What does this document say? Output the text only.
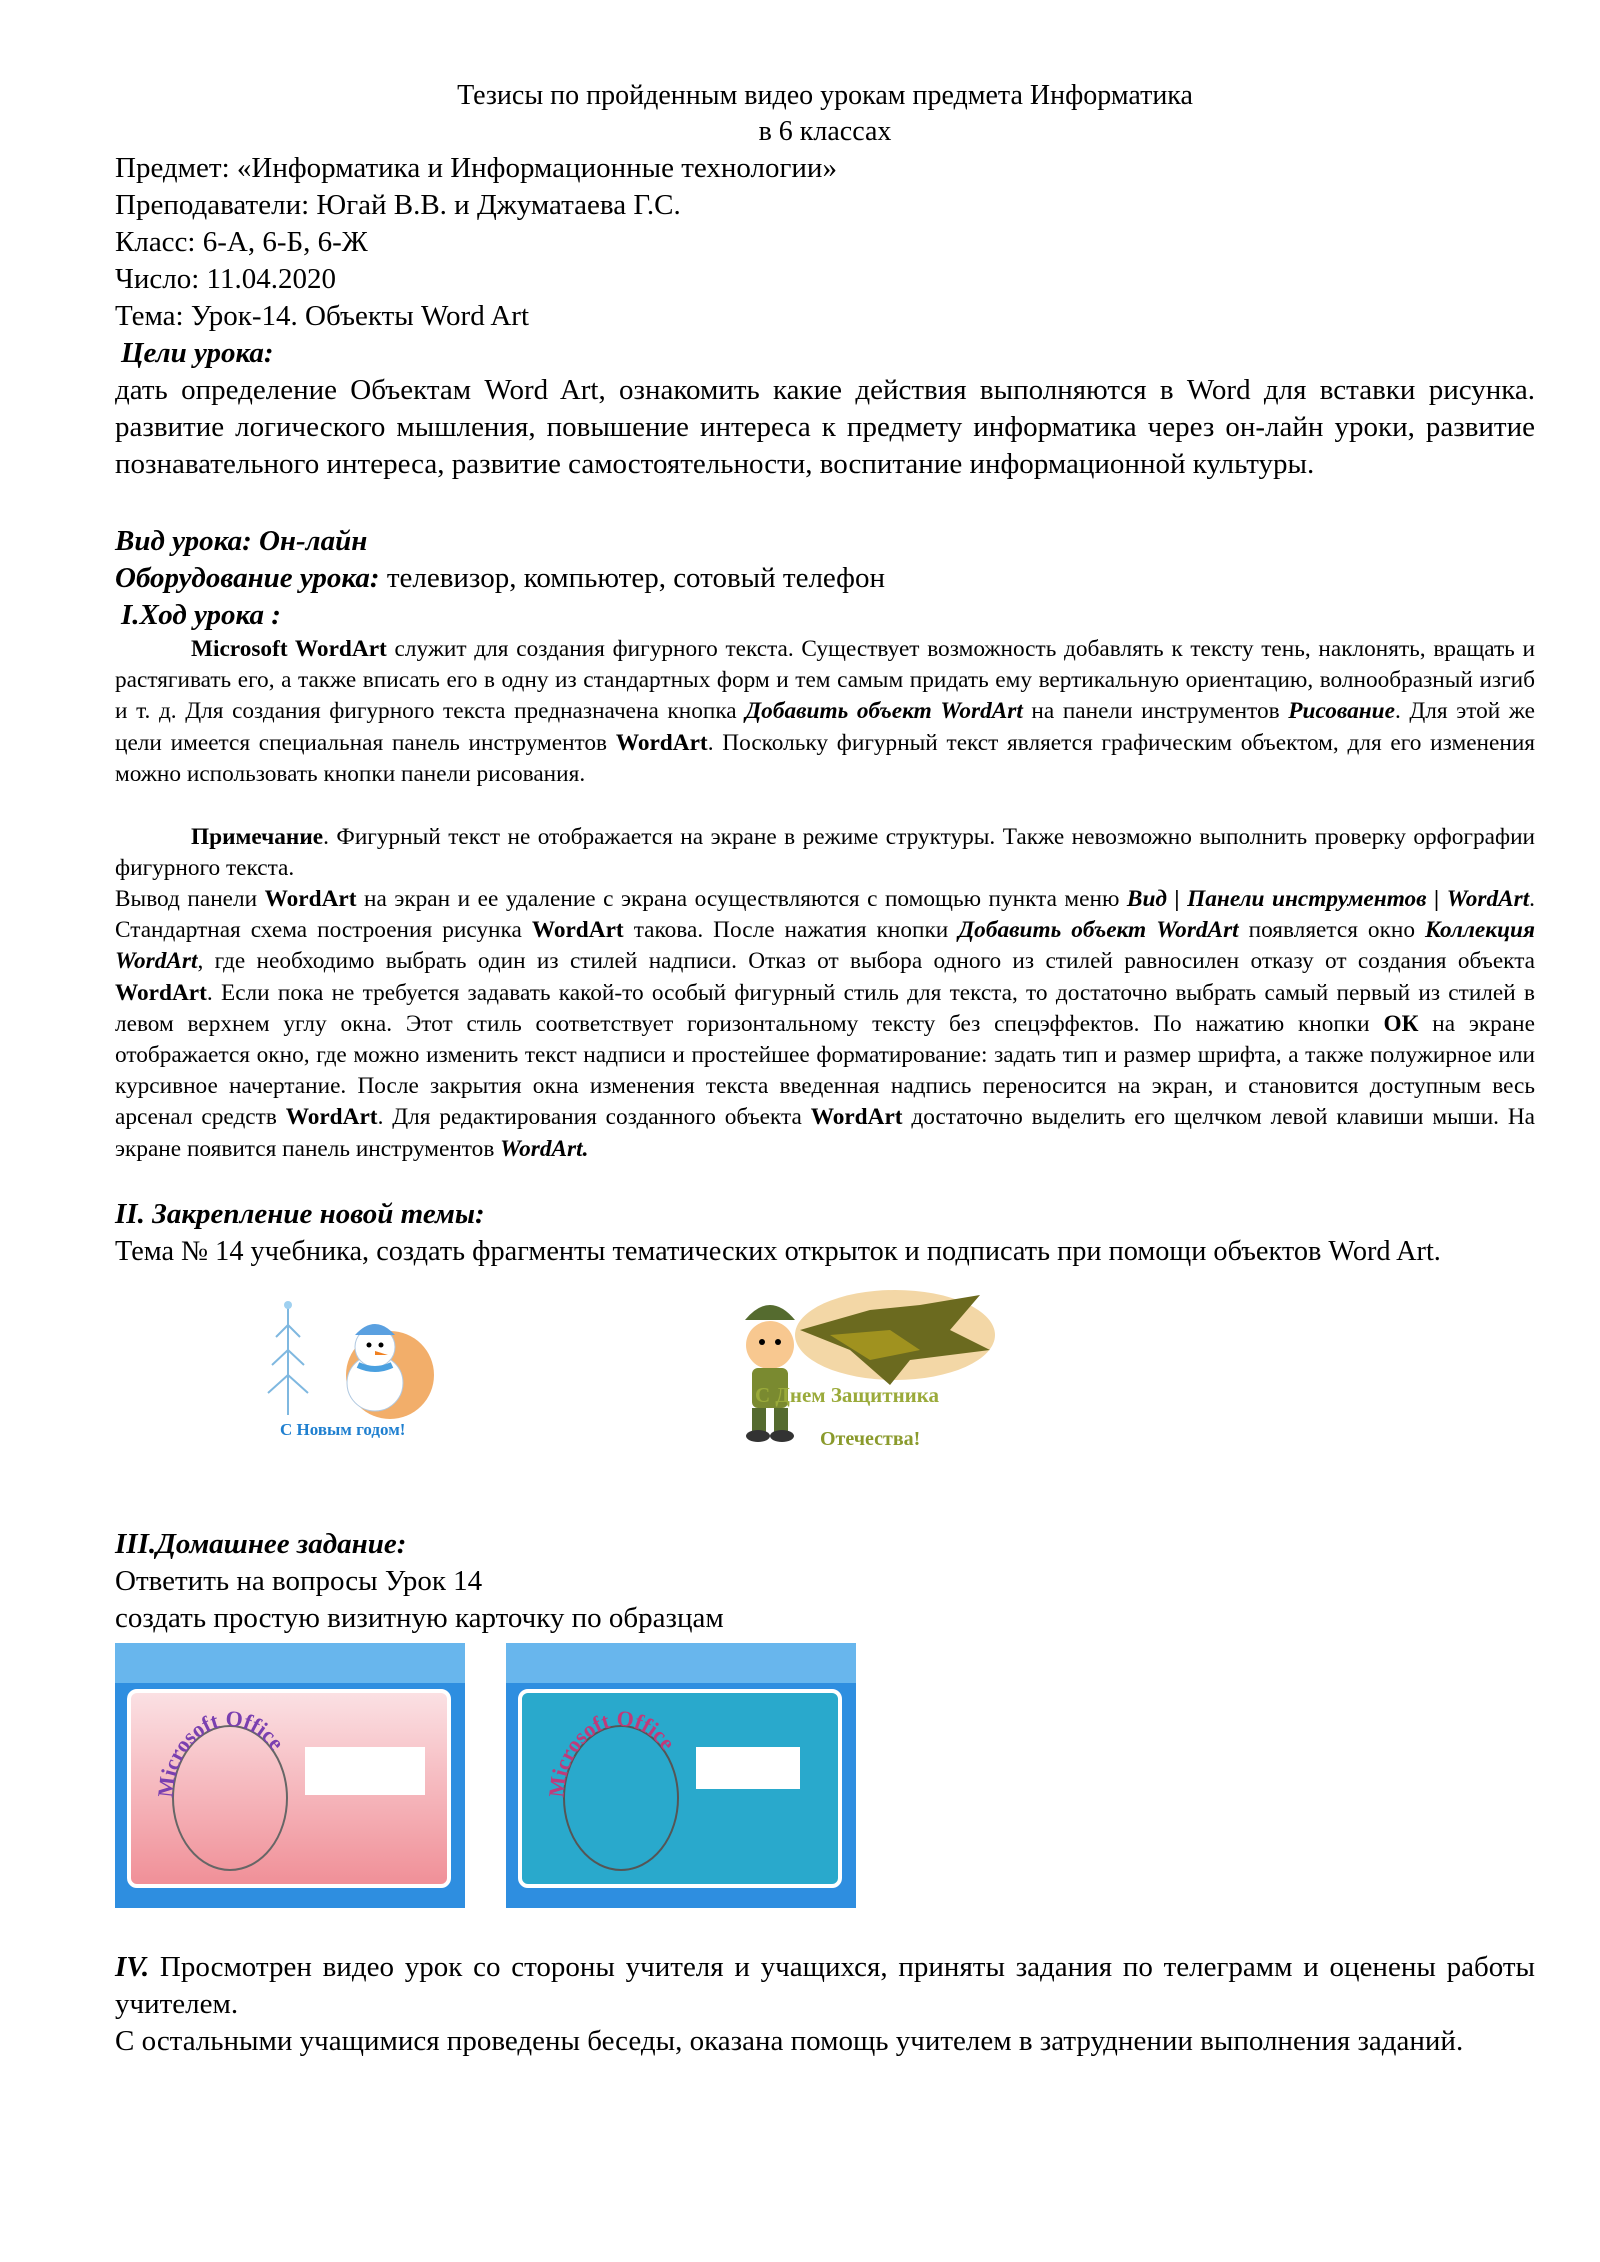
Тезисы по пройденным видео урокам предмета Информатика
в 6 классах
Предмет: «Информатика и Информационные технологии»
Преподаватели: Югай В.В. и Джуматаева Г.С.
Класс: 6-А, 6-Б, 6-Ж
Число: 11.04.2020
Тема: Урок-14. Объекты Word Art
Цели урока:
дать определение Объектам Word Art, ознакомить какие действия выполняются в Word для вставки рисунка. развитие логического мышления, повышение интереса к предмету информатика через он-лайн уроки, развитие познавательного интереса, развитие самостоятельности, воспитание информационной культуры.
Вид урока: Он-лайн
Оборудование урока: телевизор, компьютер, сотовый телефон
I.Ход урока :
Microsoft WordArt служит для создания фигурного текста. Существует возможность добавлять к тексту тень, наклонять, вращать и растягивать его, а также вписать его в одну из стандартных форм и тем самым придать ему вертикальную ориентацию, волнообразный изгиб и т. д. Для создания фигурного текста предназначена кнопка Добавить объект WordArt на панели инструментов Рисование. Для этой же цели имеется специальная панель инструментов WordArt. Поскольку фигурный текст является графическим объектом, для его изменения можно использовать кнопки панели рисования.
Примечание. Фигурный текст не отображается на экране в режиме структуры. Также невозможно выполнить проверку орфографии фигурного текста.
Вывод панели WordArt на экран и ее удаление с экрана осуществляются с помощью пункта меню Вид | Панели инструментов | WordArt. Стандартная схема построения рисунка WordArt такова. После нажатия кнопки Добавить объект WordArt появляется окно Коллекция WordArt, где необходимо выбрать один из стилей надписи. Отказ от выбора одного из стилей равносилен отказу от создания объекта WordArt. Если пока не требуется задавать какой-то особый фигурный стиль для текста, то достаточно выбрать самый первый из стилей в левом верхнем углу окна. Этот стиль соответствует горизонтальному тексту без спецэффектов. По нажатию кнопки ОК на экране отображается окно, где можно изменить текст надписи и простейшее форматирование: задать тип и размер шрифта, а также полужирное или курсивное начертание. После закрытия окна изменения текста введенная надпись переносится на экран, и становится доступным весь арсенал средств WordArt. Для редактирования созданного объекта WordArt достаточно выделить его щелчком левой клавиши мыши. На экране появится панель инструментов WordArt.
II. Закрепление новой темы:
Тема № 14 учебника, создать фрагменты тематических открыток и подписать при помощи объектов Word Art.
С Новым годом!
С Днем Защитника
Отечества!
III.Домашнее задание:
Ответить на вопросы Урок 14
создать простую визитную карточку по образцам
Microsoft Office
Microsoft Office
IV. Просмотрен видео урок со стороны учителя и учащихся, приняты задания по телеграмм и оценены работы учителем.
С остальными учащимися проведены беседы, оказана помощь учителем в затруднении выполнения заданий.
